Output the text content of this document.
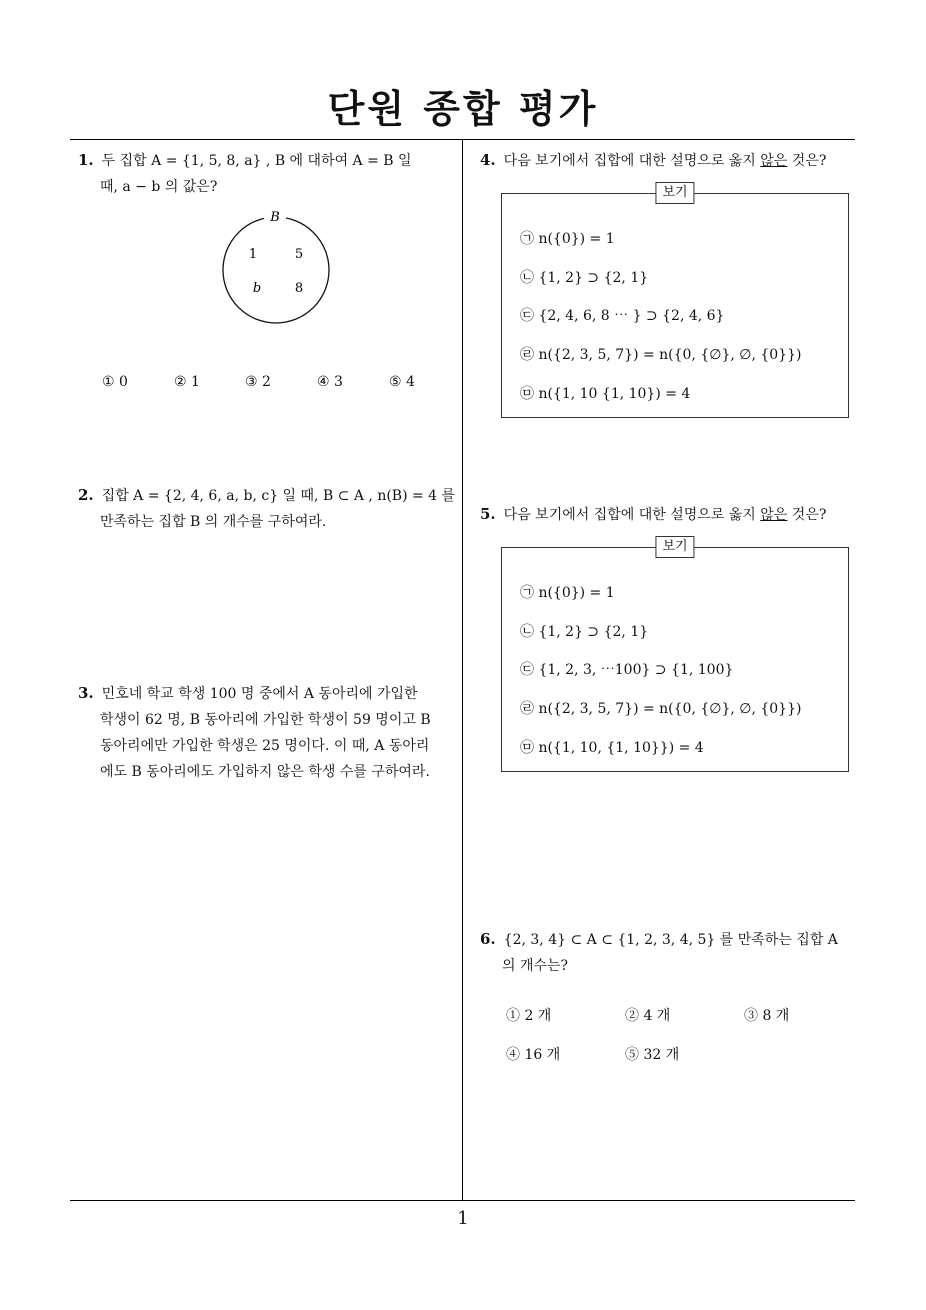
단원 종합 평가
1. 두 집합 A = {1, 5, 8, a} , B 에 대하여 A = B 일
때, a − b 의 값은?
B
1	5
b	8
① 0	② 1	③ 2	④ 3	⑤ 4
2. 집합 A = {2, 4, 6, a, b, c} 일 때, B ⊂ A , n(B) = 4 를
만족하는 집합 B 의 개수를 구하여라.
3. 민호네 학교 학생 100 명 중에서 A 동아리에 가입한
학생이 62 명, B 동아리에 가입한 학생이 59 명이고 B
동아리에만 가입한 학생은 25 명이다. 이 때, A 동아리
에도 B 동아리에도 가입하지 않은 학생 수를 구하여라.
4. 다음 보기에서 집합에 대한 설명으로 옳지 않은 것은?
보기
㉠ n({0}) = 1
㉡ {1, 2} ⊃ {2, 1}
㉢ {2, 4, 6, 8 ⋯ } ⊃ {2, 4, 6}
㉣ n({2, 3, 5, 7}) = n({0, {∅}, ∅, {0}})
㉤ n({1, 10 {1, 10}) = 4
5. 다음 보기에서 집합에 대한 설명으로 옳지 않은 것은?
보기
㉠ n({0}) = 1
㉡ {1, 2} ⊃ {2, 1}
㉢ {1, 2, 3, ⋯100} ⊃ {1, 100}
㉣ n({2, 3, 5, 7}) = n({0, {∅}, ∅, {0}})
㉤ n({1, 10, {1, 10}}) = 4
6. {2, 3, 4} ⊂ A ⊂ {1, 2, 3, 4, 5} 를 만족하는 집합 A
의 개수는?
① 2 개	② 4 개	③ 8 개
④ 16 개	⑤ 32 개
1
